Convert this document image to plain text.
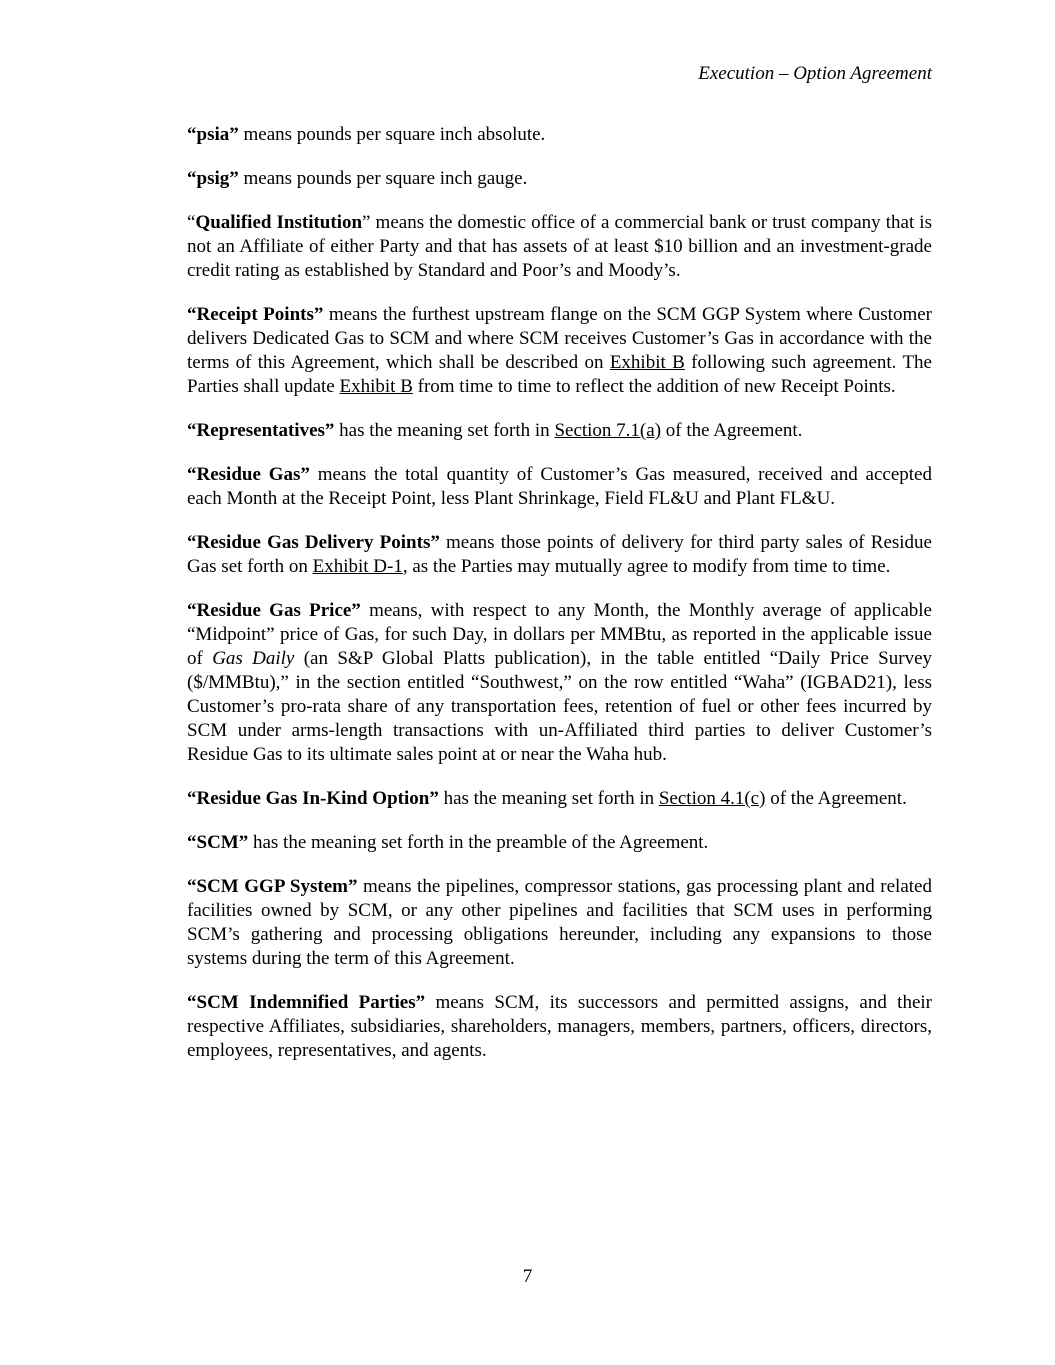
Execution – Option Agreement

“psia” means pounds per square inch absolute.

“psig” means pounds per square inch gauge.

“Qualified Institution” means the domestic office of a commercial bank or trust company that is not an Affiliate of either Party and that has assets of at least $10 billion and an investment-grade credit rating as established by Standard and Poor’s and Moody’s.

“Receipt Points” means the furthest upstream flange on the SCM GGP System where Customer delivers Dedicated Gas to SCM and where SCM receives Customer’s Gas in accordance with the terms of this Agreement, which shall be described on Exhibit B following such agreement. The Parties shall update Exhibit B from time to time to reflect the addition of new Receipt Points.

“Representatives” has the meaning set forth in Section 7.1(a) of the Agreement.

“Residue Gas” means the total quantity of Customer’s Gas measured, received and accepted each Month at the Receipt Point, less Plant Shrinkage, Field FL&U and Plant FL&U.

“Residue Gas Delivery Points” means those points of delivery for third party sales of Residue Gas set forth on Exhibit D-1, as the Parties may mutually agree to modify from time to time.

“Residue Gas Price” means, with respect to any Month, the Monthly average of applicable “Midpoint” price of Gas, for such Day, in dollars per MMBtu, as reported in the applicable issue of Gas Daily (an S&P Global Platts publication), in the table entitled “Daily Price Survey ($/MMBtu),” in the section entitled “Southwest,” on the row entitled “Waha” (IGBAD21), less Customer’s pro-rata share of any transportation fees, retention of fuel or other fees incurred by SCM under arms-length transactions with un-Affiliated third parties to deliver Customer’s Residue Gas to its ultimate sales point at or near the Waha hub.

“Residue Gas In-Kind Option” has the meaning set forth in Section 4.1(c) of the Agreement.

“SCM” has the meaning set forth in the preamble of the Agreement.

“SCM GGP System” means the pipelines, compressor stations, gas processing plant and related facilities owned by SCM, or any other pipelines and facilities that SCM uses in performing SCM’s gathering and processing obligations hereunder, including any expansions to those systems during the term of this Agreement.

“SCM Indemnified Parties” means SCM, its successors and permitted assigns, and their respective Affiliates, subsidiaries, shareholders, managers, members, partners, officers, directors, employees, representatives, and agents.

7
